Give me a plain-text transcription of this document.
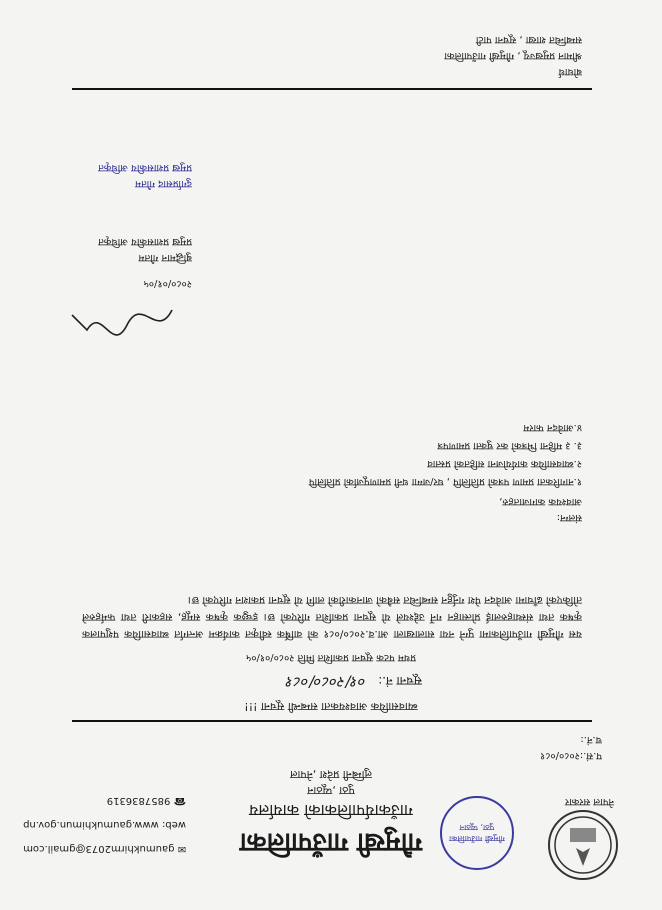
नेपाल सरकार
गौमुखी गाउँपालिका पुठा, प्यूठान
गौमुखी गाउँपालिका
गाउँकार्यपालिकाको कार्यालय
पुठा ,प्यूठान
लुम्बिनी प्रदेश ,नेपाल
✉ gaumukhirm2073@gmail.com
web: www.gaumukhimun.gov.np
☎ 9857836319
प.सं.:२०८०/०८१
च.नं.:
ब्यावसायिक आवश्यकता सम्बन्धी सूचना !!!
सूचना नं.: ०१/२०८०/०८१
प्रथम पटक सूचना प्रकाशित मिति २०८०/०१/०५
यस गौमुखी गाउँपालिकामा पुग्ने नया सालाखाला आ.व.२०८०/०८१ को वार्षिक स्वीकृत कार्यक्रम अन्तर्गत ब्यावसायिक पशुपालक कृषक तथा संस्थाहरुलाई प्रोत्साहन गर्ने उद्देश्यले यो सूचना प्रकाशित गरिएको छ। इच्छुक कृषक समूह, सहकारी तथा फर्महरुले तोकिएको ढाँचामा आवेदन पेश गर्नुहुन सम्बन्धित सबैको जानकारीको लागि यो सूचना प्रकाशन गरिएको छ।
संलग्न:
आवश्यक कागजातहरु,
१.नागरिकता प्रमाण पत्रको प्रतिलिपि , घर/जग्गा धनी प्रमाणपूर्जाको प्रतिलिपि
२.ब्यावसायिक कार्ययोजना सहितको प्रस्ताव
३. ३ महिना भित्रको कर चुक्ता प्रमाणपत्र
४.आवेदन फारम
२०८०/०१/०५
बुद्धिमान गौतम
प्रमुख प्रशासकीय अधिकृत
दुर्गाप्रसाद गौतम
प्रमुख प्रशासकीय अधिकृत
बोधार्थ
श्रीमान प्रमुखज्यू , गौमुखी गाउँपालिका
सम्बन्धित शाखा , सूचना पाटी
